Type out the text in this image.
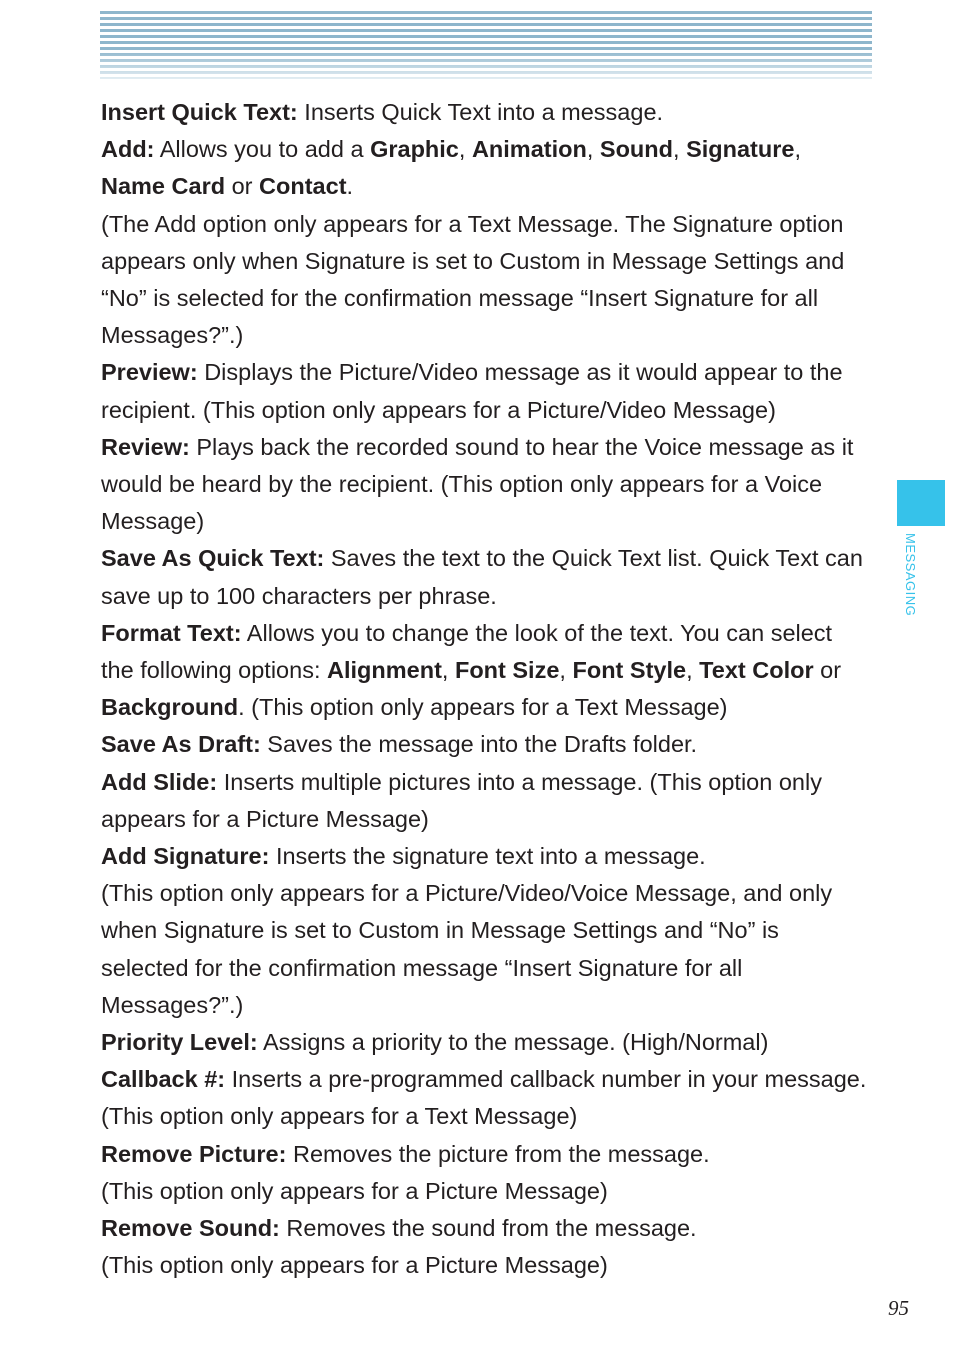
Insert Quick Text: Inserts Quick Text into a message.

Add: Allows you to add a Graphic, Animation, Sound, Signature,
Name Card or Contact.

(The Add option only appears for a Text Message. The Signature option appears only when Signature is set to Custom in Message Settings and “No” is selected for the confirmation message “Insert Signature for all Messages?”.)

Preview: Displays the Picture/Video message as it would appear to the recipient. (This option only appears for a Picture/Video Message)

Review: Plays back the recorded sound to hear the Voice message as it would be heard by the recipient. (This option only appears for a Voice Message)

Save As Quick Text: Saves the text to the Quick Text list. Quick Text can save up to 100 characters per phrase.

Format Text: Allows you to change the look of the text. You can select the following options: Alignment, Font Size, Font Style, Text Color or Background. (This option only appears for a Text Message)

Save As Draft: Saves the message into the Drafts folder.

Add Slide: Inserts multiple pictures into a message. (This option only appears for a Picture Message)

Add Signature: Inserts the signature text into a message.

(This option only appears for a Picture/Video/Voice Message, and only when Signature is set to Custom in Message Settings and “No” is selected for the confirmation message “Insert Signature for all Messages?”.)

Priority Level: Assigns a priority to the message. (High/Normal)

Callback #: Inserts a pre-programmed callback number in your message. (This option only appears for a Text Message)

Remove Picture: Removes the picture from the message.

(This option only appears for a Picture Message)

Remove Sound: Removes the sound from the message.

(This option only appears for a Picture Message)

MESSAGING
95
